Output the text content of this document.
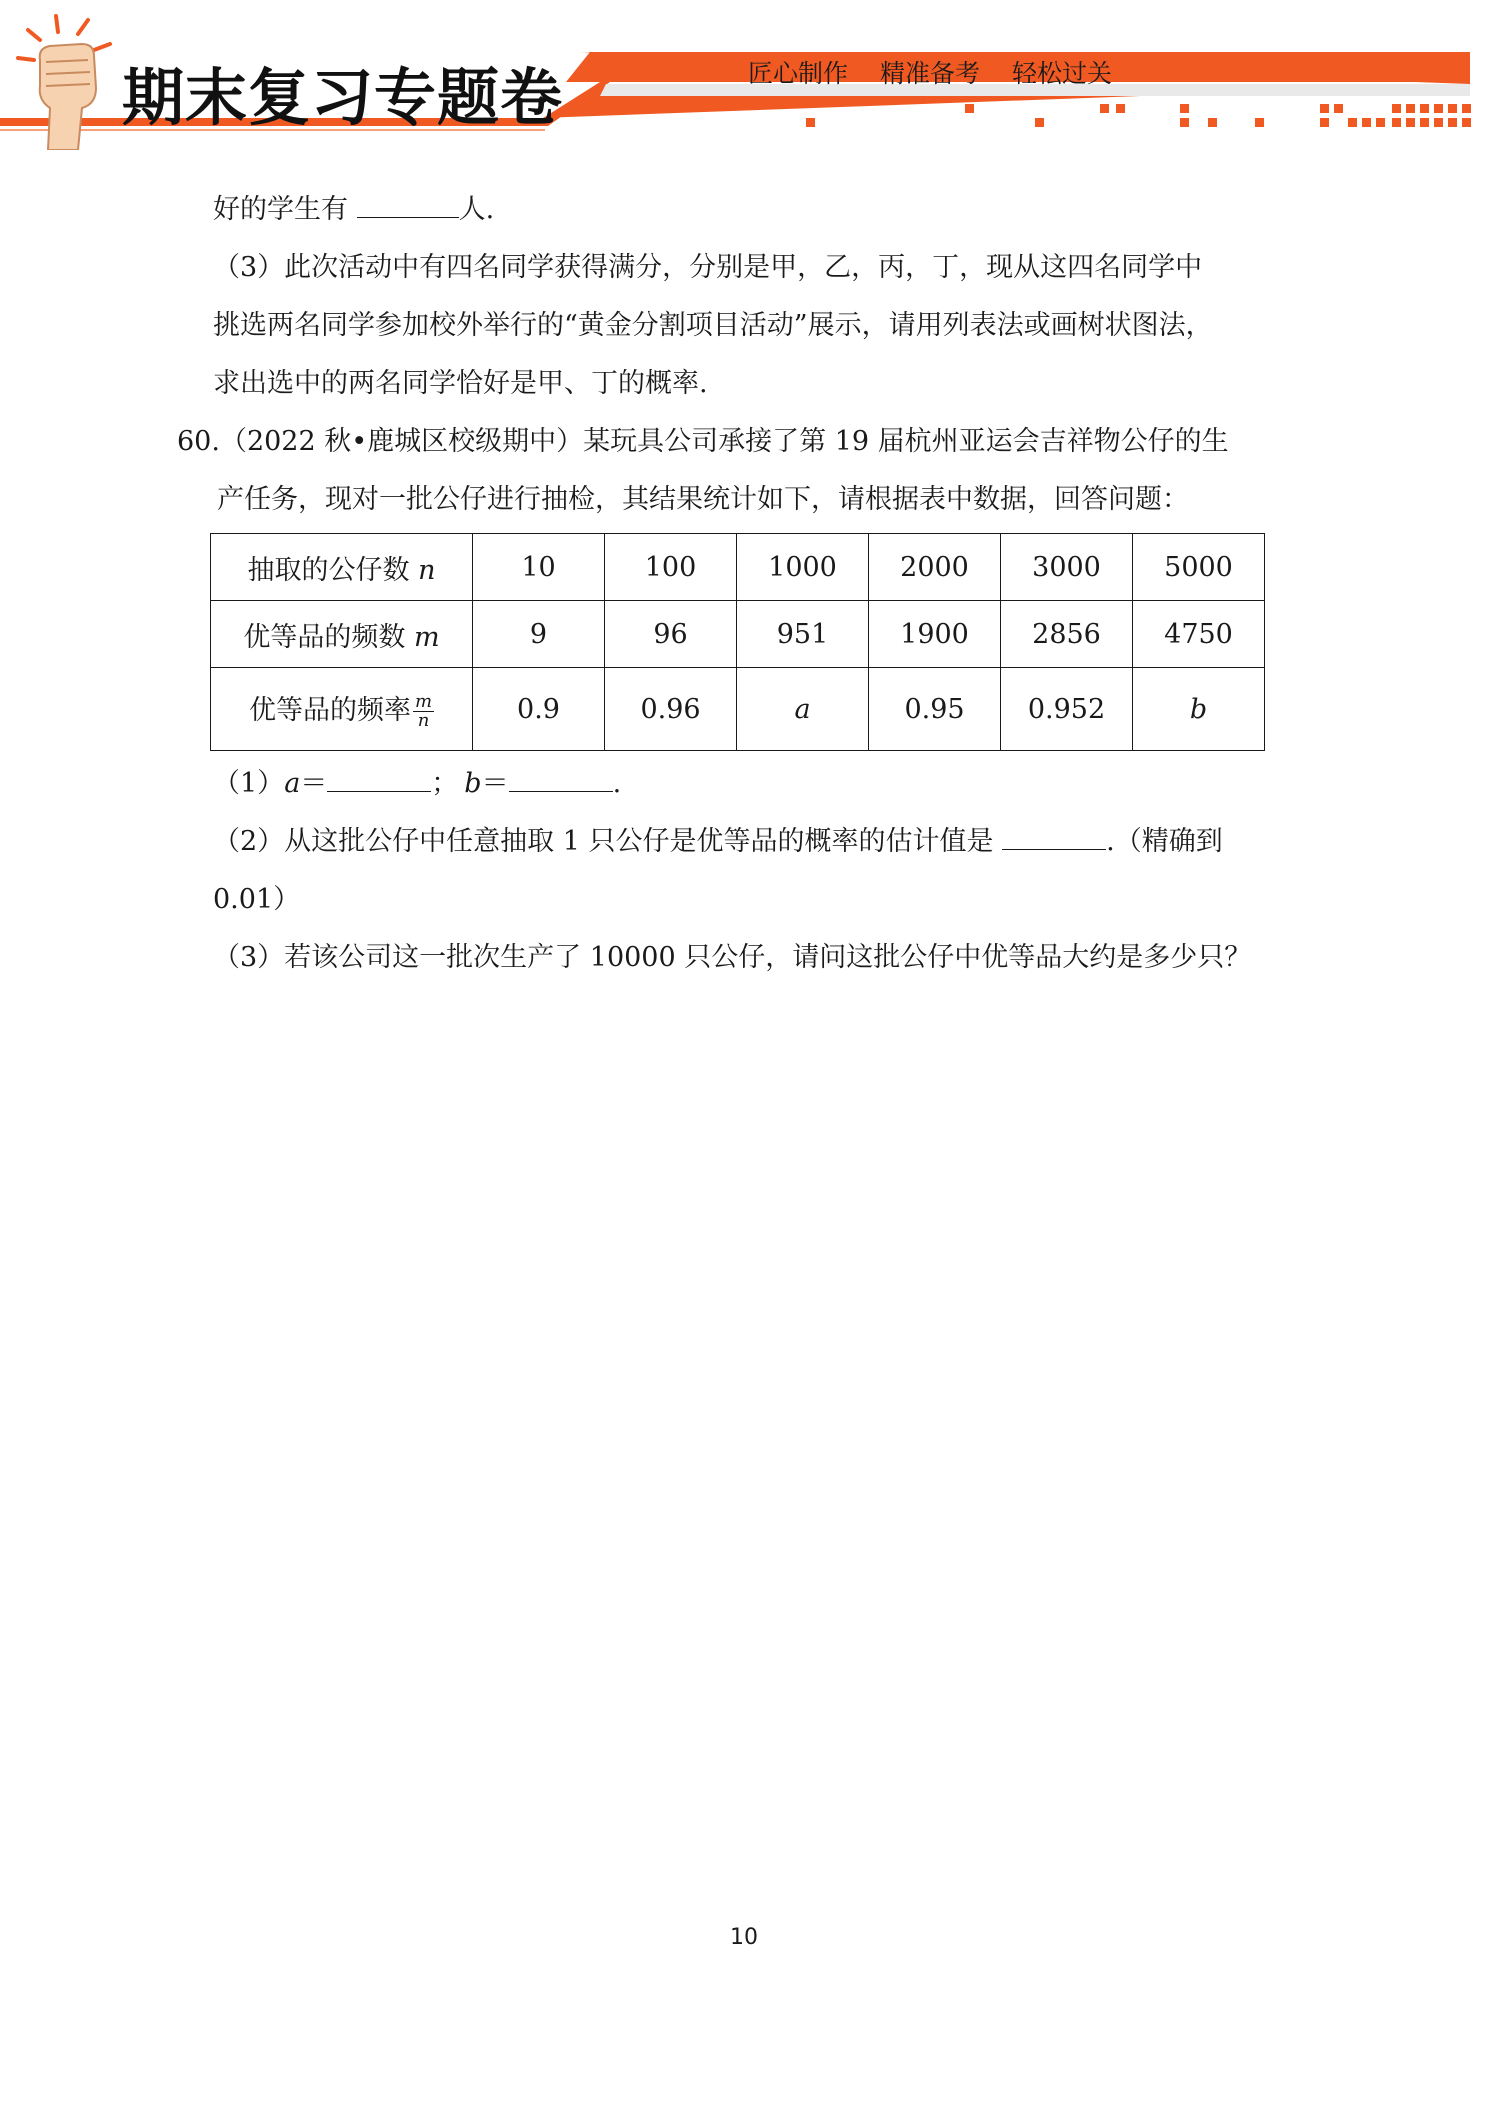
期末复习专题卷	匠心制作 精准备考 轻松过关
好的学生有	人.
（3）此次活动中有四名同学获得满分，分别是甲，乙，丙，丁，现从这四名同学中
挑选两名同学参加校外举行的“黄金分割项目活动”展示，请用列表法或画树状图法，
求出选中的两名同学恰好是甲、丁的概率.
60.（2022 秋•鹿城区校级期中）某玩具公司承接了第 19 届杭州亚运会吉祥物公仔的生
产任务，现对一批公仔进行抽检，其结果统计如下，请根据表中数据，回答问题：
抽取的公仔数 n	10	100	1000	2000	3000	5000
优等品的频数 m	9	96	951	1900	2856	4750
优等品的频率 $\frac{m}{n}$	0.9	0.96	a	0.95	0.952	b
（1）a＝	； b＝	.
（2）从这批公仔中任意抽取 1 只公仔是优等品的概率的估计值是	.（精确到
0.01）
（3）若该公司这一批次生产了 10000 只公仔，请问这批公仔中优等品大约是多少只？
10
